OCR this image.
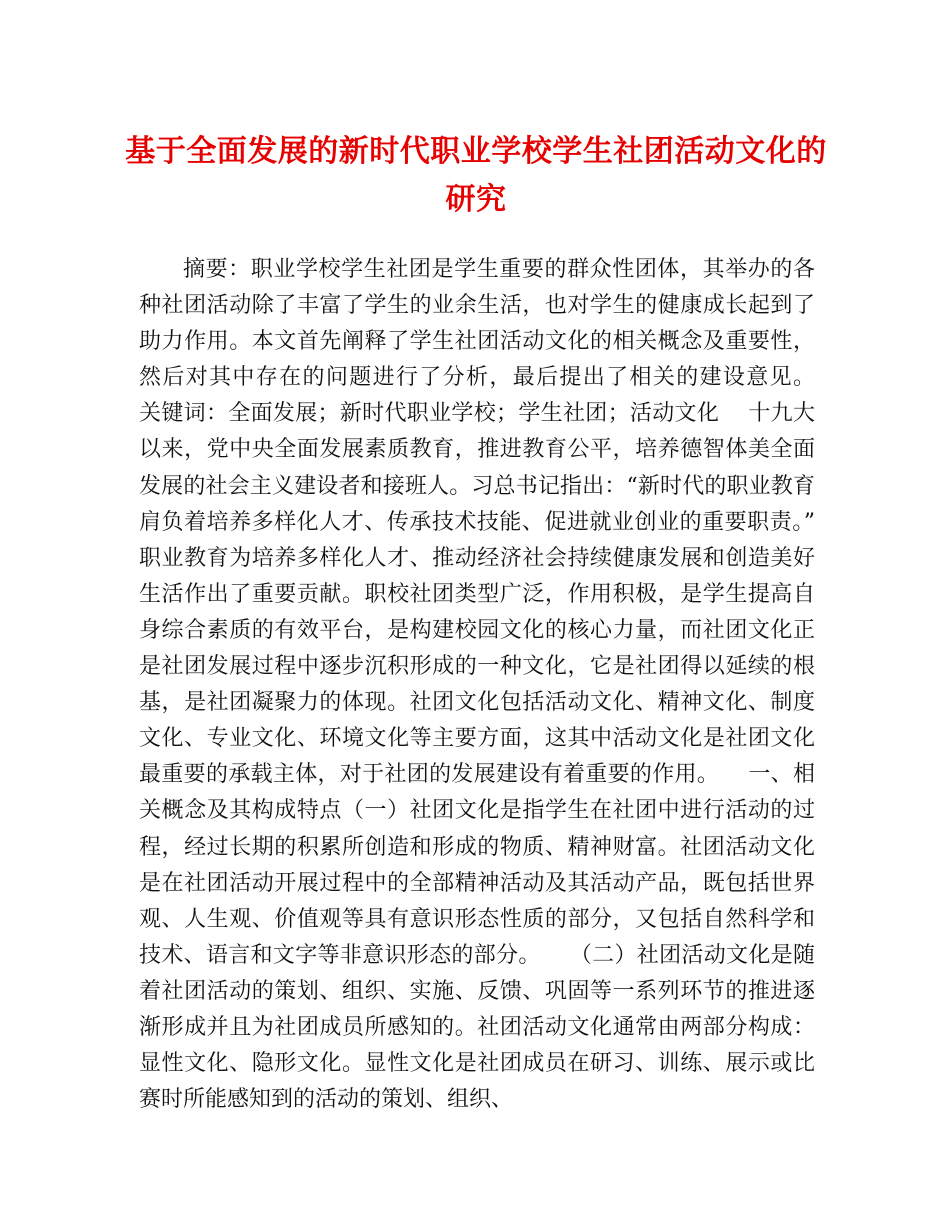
基于全面发展的新时代职业学校学生社团活动文化的研究

摘要：职业学校学生社团是学生重要的群众性团体，其举办的各种社团活动除了丰富了学生的业余生活，也对学生的健康成长起到了助力作用。本文首先阐释了学生社团活动文化的相关概念及重要性，然后对其中存在的问题进行了分析，最后提出了相关的建设意见。    关键词：全面发展；新时代职业学校；学生社团；活动文化    十九大以来，党中央全面发展素质教育，推进教育公平，培养德智体美全面发展的社会主义建设者和接班人。习总书记指出：“新时代的职业教育肩负着培养多样化人才、传承技术技能、促进就业创业的重要职责。” 职业教育为培养多样化人才、推动经济社会持续健康发展和创造美好生活作出了重要贡献。职校社团类型广泛，作用积极，是学生提高自身综合素质的有效平台，是构建校园文化的核心力量，而社团文化正是社团发展过程中逐步沉积形成的一种文化，它是社团得以延续的根基，是社团凝聚力的体现。社团文化包括活动文化、精神文化、制度文化、专业文化、环境文化等主要方面，这其中活动文化是社团文化最重要的承载主体，对于社团的发展建设有着重要的作用。    一、相关概念及其构成特点（一）社团文化是指学生在社团中进行活动的过程，经过长期的积累所创造和形成的物质、精神财富。社团活动文化是在社团活动开展过程中的全部精神活动及其活动产品，既包括世界观、人生观、价值观等具有意识形态性质的部分，又包括自然科学和技术、语言和文字等非意识形态的部分。    （二）社团活动文化是随着社团活动的策划、组织、实施、反馈、巩固等一系列环节的推进逐渐形成并且为社团成员所感知的。社团活动文化通常由两部分构成：显性文化、隐形文化。显性文化是社团成员在研习、训练、展示或比赛时所能感知到的活动的策划、组织、
